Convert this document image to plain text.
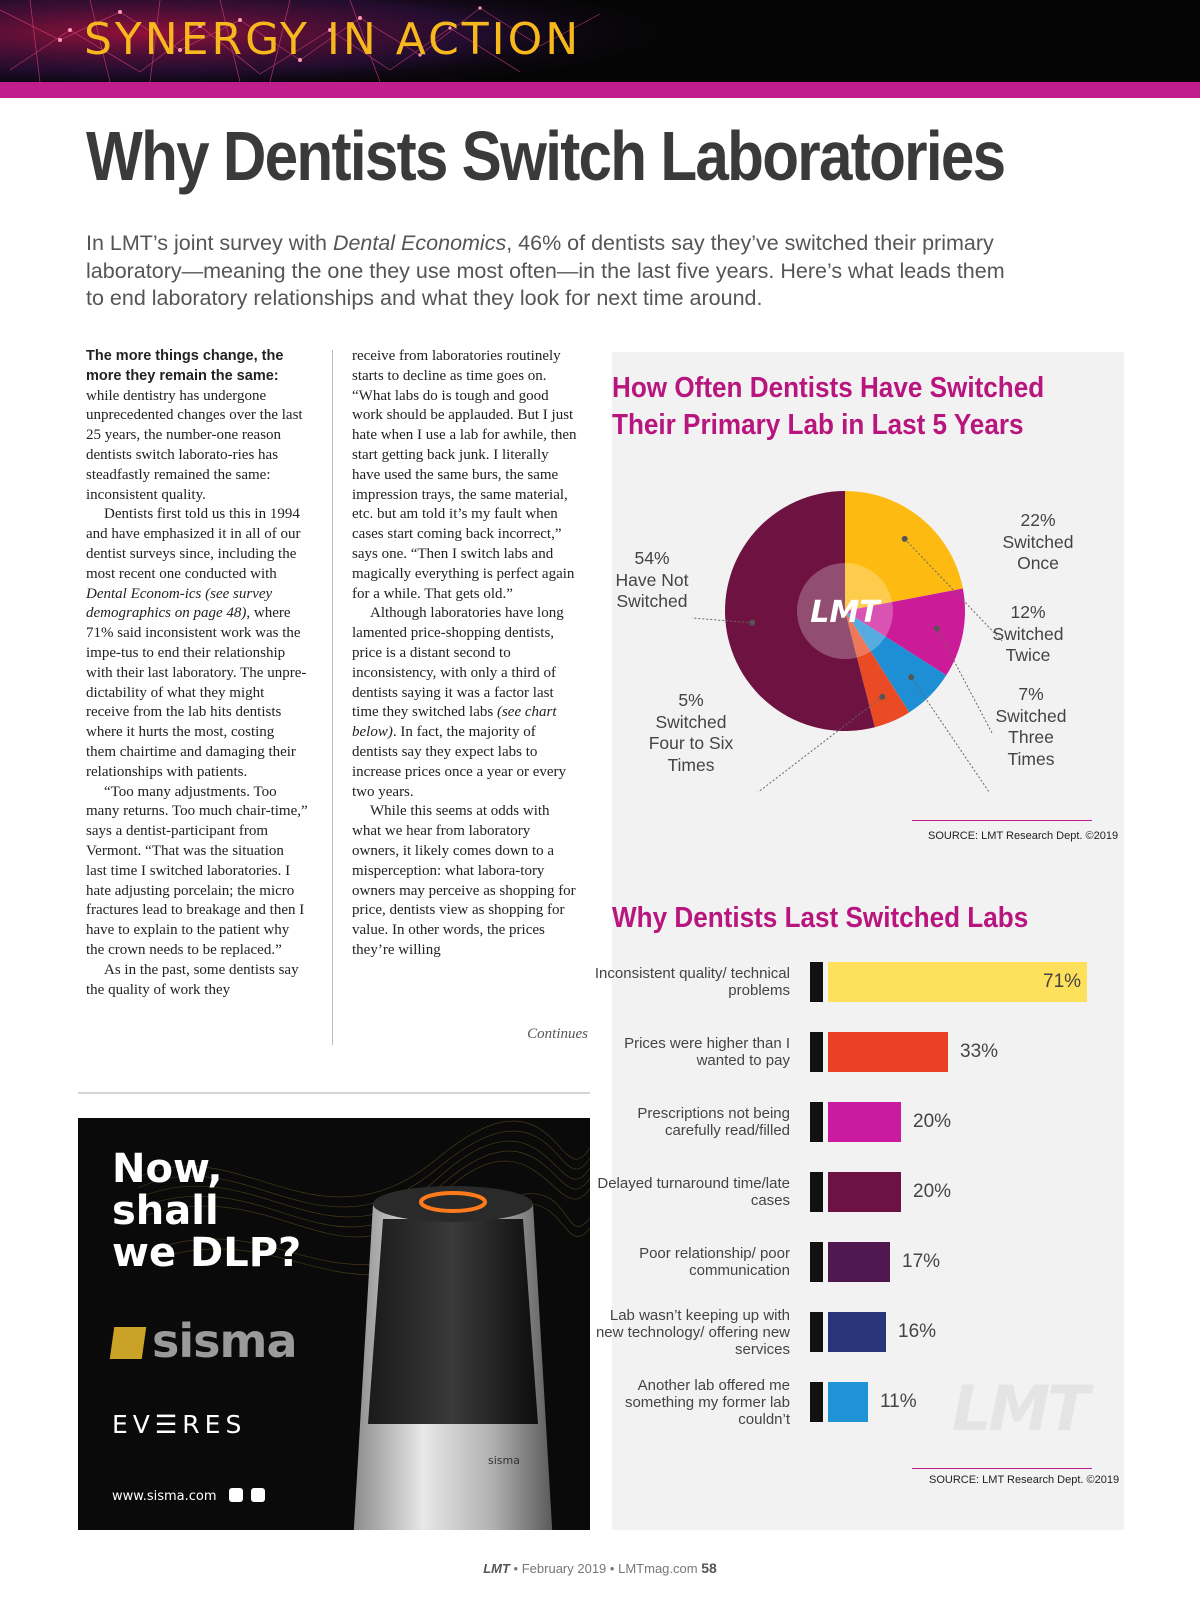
SYNERGY IN ACTION
Why Dentists Switch Laboratories

In LMT’s joint survey with Dental Economics, 46% of dentists say they’ve switched their primary laboratory—meaning the one they use most often—in the last five years. Here’s what leads them to end laboratory relationships and what they look for next time around.

The more things change, the more they remain the same: while dentistry has undergone unprecedented changes over the last 25 years, the number-one reason dentists switch laborato-ries has steadfastly remained the same: inconsistent quality.

Dentists first told us this in 1994 and have emphasized it in all of our dentist surveys since, including the most recent one conducted with Dental Econom-ics (see survey demographics on page 48), where 71% said inconsistent work was the impe-tus to end their relationship with their last laboratory. The unpre-dictability of what they might receive from the lab hits dentists where it hurts the most, costing them chairtime and damaging their relationships with patients.

“Too many adjustments. Too many returns. Too much chair-time,” says a dentist-participant from Vermont. “That was the situation last time I switched laboratories. I hate adjusting porcelain; the micro fractures lead to breakage and then I have to explain to the patient why the crown needs to be replaced.”

As in the past, some dentists say the quality of work they

receive from laboratories routinely starts to decline as time goes on. “What labs do is tough and good work should be applauded. But I just hate when I use a lab for awhile, then start getting back junk. I literally have used the same burs, the same impression trays, the same material, etc. but am told it’s my fault when cases start coming back incorrect,” says one. “Then I switch labs and magically everything is perfect again for a while. That gets old.”

Although laboratories have long lamented price-shopping dentists, price is a distant second to inconsistency, with only a third of dentists saying it was a factor last time they switched labs (see chart below). In fact, the majority of dentists say they expect labs to increase prices once a year or every two years.

While this seems at odds with what we hear from laboratory owners, it likely comes down to a misperception: what labora-tory owners may perceive as shopping for price, dentists view as shopping for value. In other words, the prices they’re willing

Continues
Now,
shall
we DLP?
sisma
EV☰RES
www.sisma.com
sisma
How Often Dentists Have Switched
Their Primary Lab in Last 5 Years
LMT
54%
Have Not Switched
22%
Switched Once
12%
Switched Twice
7%
Switched Three Times
5%
Switched Four to Six Times
SOURCE: LMT Research Dept. ©2019
Why Dentists Last Switched Labs
Inconsistent quality/ technical problems	71%
Prices were higher than I wanted to pay	33%
Prescriptions not being carefully read/filled	20%
Delayed turnaround time/late cases	20%
Poor relationship/ poor communication	17%
Lab wasn’t keeping up with new technology/ offering new services
16%
Another lab offered me something my former lab couldn’t
11% LMT
SOURCE: LMT Research Dept. ©2019
LMT • February 2019 • LMTmag.com 58
